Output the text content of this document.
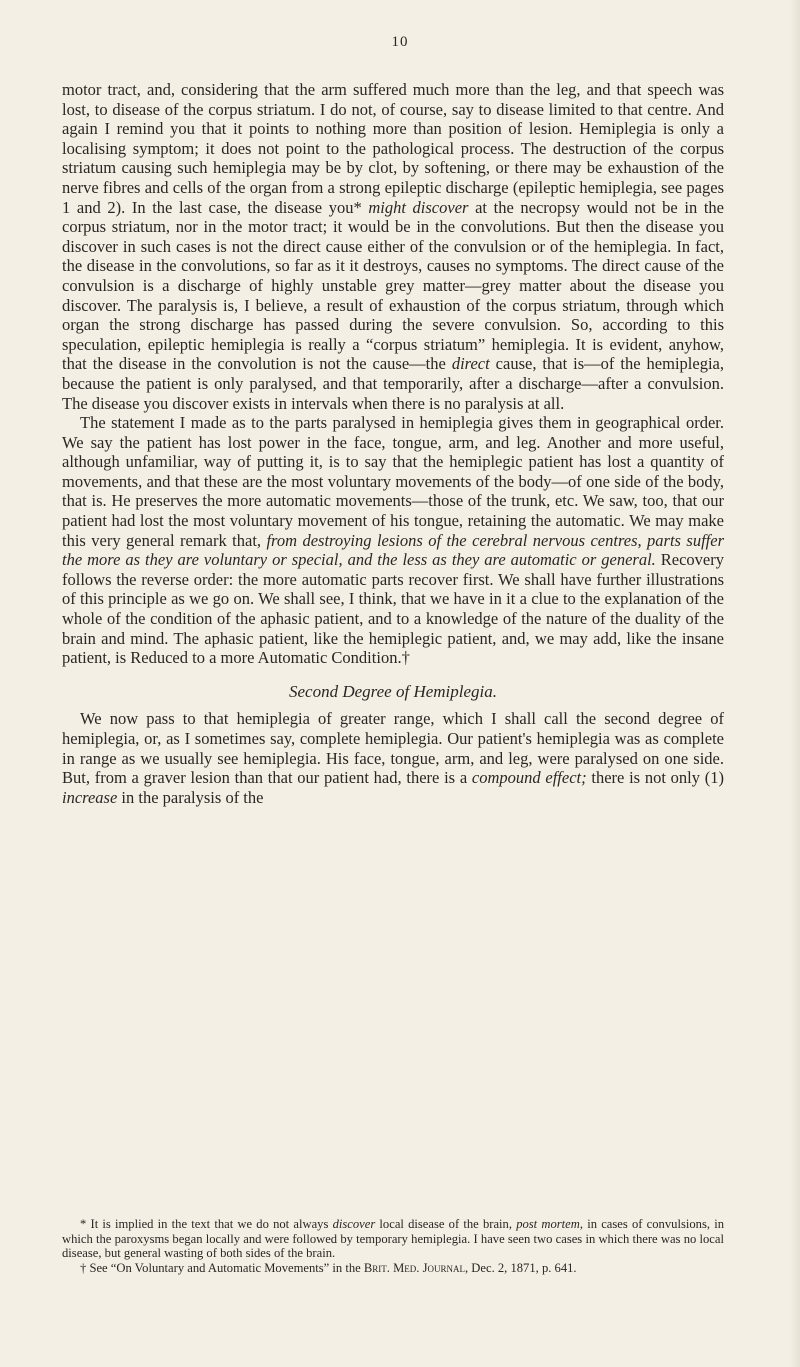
10

motor tract, and, considering that the arm suffered much more than the leg, and that speech was lost, to disease of the corpus striatum. I do not, of course, say to disease limited to that centre. And again I remind you that it points to nothing more than position of lesion. Hemiplegia is only a localising symptom; it does not point to the pathological process. The destruction of the corpus striatum causing such hemiplegia may be by clot, by softening, or there may be exhaustion of the nerve fibres and cells of the organ from a strong epileptic discharge (epileptic hemiplegia, see pages 1 and 2). In the last case, the disease you* might discover at the necropsy would not be in the corpus striatum, nor in the motor tract; it would be in the convolutions. But then the disease you discover in such cases is not the direct cause either of the convulsion or of the hemiplegia. In fact, the disease in the convolutions, so far as it it destroys, causes no symptoms. The direct cause of the convulsion is a discharge of highly unstable grey matter—grey matter about the disease you discover. The paralysis is, I believe, a result of exhaustion of the corpus striatum, through which organ the strong discharge has passed during the severe convulsion. So, according to this speculation, epileptic hemiplegia is really a “corpus striatum” hemiplegia. It is evident, anyhow, that the disease in the convolution is not the cause—the direct cause, that is—of the hemiplegia, because the patient is only paralysed, and that temporarily, after a discharge—after a convulsion. The disease you discover exists in intervals when there is no paralysis at all.

The statement I made as to the parts paralysed in hemiplegia gives them in geographical order. We say the patient has lost power in the face, tongue, arm, and leg. Another and more useful, although unfamiliar, way of putting it, is to say that the hemiplegic patient has lost a quantity of movements, and that these are the most voluntary movements of the body—of one side of the body, that is. He preserves the more automatic movements—those of the trunk, etc. We saw, too, that our patient had lost the most voluntary movement of his tongue, retaining the automatic. We may make this very general remark that, from destroying lesions of the cerebral nervous centres, parts suffer the more as they are voluntary or special, and the less as they are automatic or general. Recovery follows the reverse order: the more automatic parts recover first. We shall have further illustrations of this principle as we go on. We shall see, I think, that we have in it a clue to the explanation of the whole of the condition of the aphasic patient, and to a knowledge of the nature of the duality of the brain and mind. The aphasic patient, like the hemiplegic patient, and, we may add, like the insane patient, is Reduced to a more Automatic Condition.†

Second Degree of Hemiplegia.

We now pass to that hemiplegia of greater range, which I shall call the second degree of hemiplegia, or, as I sometimes say, complete hemiplegia. Our patient's hemiplegia was as complete in range as we usually see hemiplegia. His face, tongue, arm, and leg, were paralysed on one side. But, from a graver lesion than that our patient had, there is a compound effect; there is not only (1) increase in the paralysis of the

* It is implied in the text that we do not always discover local disease of the brain, post mortem, in cases of convulsions, in which the paroxysms began locally and were followed by temporary hemiplegia. I have seen two cases in which there was no local disease, but general wasting of both sides of the brain.

† See “On Voluntary and Automatic Movements” in the Brit. Med. Journal, Dec. 2, 1871, p. 641.
